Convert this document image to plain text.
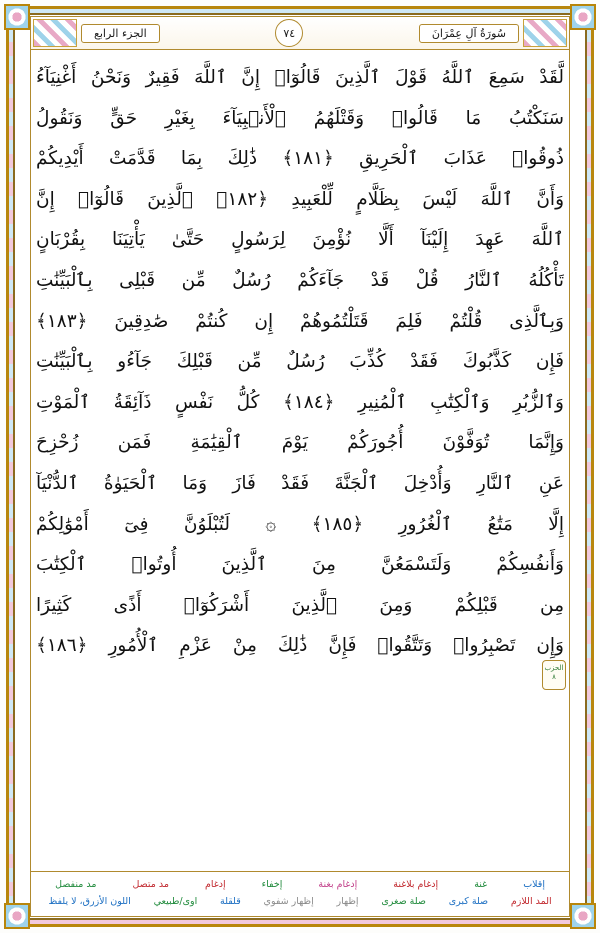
الجزء الرابع	٧٤	سُورَةُ آلِ عِمْرَانَ
لَّقَدْ سَمِعَ ٱللَّهُ قَوْلَ ٱلَّذِينَ قَالُوٓا۟ إِنَّ ٱللَّهَ فَقِيرٌ وَنَحْنُ أَغْنِيَآءُ
سَنَكْتُبُ مَا قَالُوا۟ وَقَتْلَهُمُ ٱلْأَنۢبِيَآءَ بِغَيْرِ حَقٍّ وَنَقُولُ
ذُوقُوا۟ عَذَابَ ٱلْحَرِيقِ ﴿١٨١﴾ ذَٰلِكَ بِمَا قَدَّمَتْ أَيْدِيكُمْ
وَأَنَّ ٱللَّهَ لَيْسَ بِظَلَّامٍ لِّلْعَبِيدِ ﴿١٨٢﴾ ٱلَّذِينَ قَالُوٓا۟ إِنَّ
ٱللَّهَ عَهِدَ إِلَيْنَآ أَلَّا نُؤْمِنَ لِرَسُولٍ حَتَّىٰ يَأْتِيَنَا بِقُرْبَانٍ
تَأْكُلُهُ ٱلنَّارُ قُلْ قَدْ جَآءَكُمْ رُسُلٌ مِّن قَبْلِى بِٱلْبَيِّنَٰتِ
وَبِٱلَّذِى قُلْتُمْ فَلِمَ قَتَلْتُمُوهُمْ إِن كُنتُمْ صَٰدِقِينَ ﴿١٨٣﴾
فَإِن كَذَّبُوكَ فَقَدْ كُذِّبَ رُسُلٌ مِّن قَبْلِكَ جَآءُو بِٱلْبَيِّنَٰتِ
وَٱلزُّبُرِ وَٱلْكِتَٰبِ ٱلْمُنِيرِ ﴿١٨٤﴾ كُلُّ نَفْسٍ ذَآئِقَةُ ٱلْمَوْتِ
وَإِنَّمَا تُوَفَّوْنَ أُجُورَكُمْ يَوْمَ ٱلْقِيَٰمَةِ فَمَن زُحْزِحَ
عَنِ ٱلنَّارِ وَأُدْخِلَ ٱلْجَنَّةَ فَقَدْ فَازَ وَمَا ٱلْحَيَوٰةُ ٱلدُّنْيَآ
إِلَّا مَتَٰعُ ٱلْغُرُورِ ﴿١٨٥﴾ ۞ لَتُبْلَوُنَّ فِىٓ أَمْوَٰلِكُمْ
وَأَنفُسِكُمْ وَلَتَسْمَعُنَّ مِنَ ٱلَّذِينَ أُوتُوا۟ ٱلْكِتَٰبَ
مِن قَبْلِكُمْ وَمِنَ ٱلَّذِينَ أَشْرَكُوٓا۟ أَذًى كَثِيرًا
وَإِن تَصْبِرُوا۟ وَتَتَّقُوا۟ فَإِنَّ ذَٰلِكَ مِنْ عَزْمِ ٱلْأُمُورِ ﴿١٨٦﴾
الحزب
٨
إقلاب
غنة
إدغام بلاغنة
إدغام بغنة
إخفاء
إدغام
مد متصل
مد منفصل
المد اللازم
صلة كبرى
صلة صغرى
إظهار
إظهار شفوي
قلقلة
اوى/طبيعي
اللون الأزرق، لا يلفظ
